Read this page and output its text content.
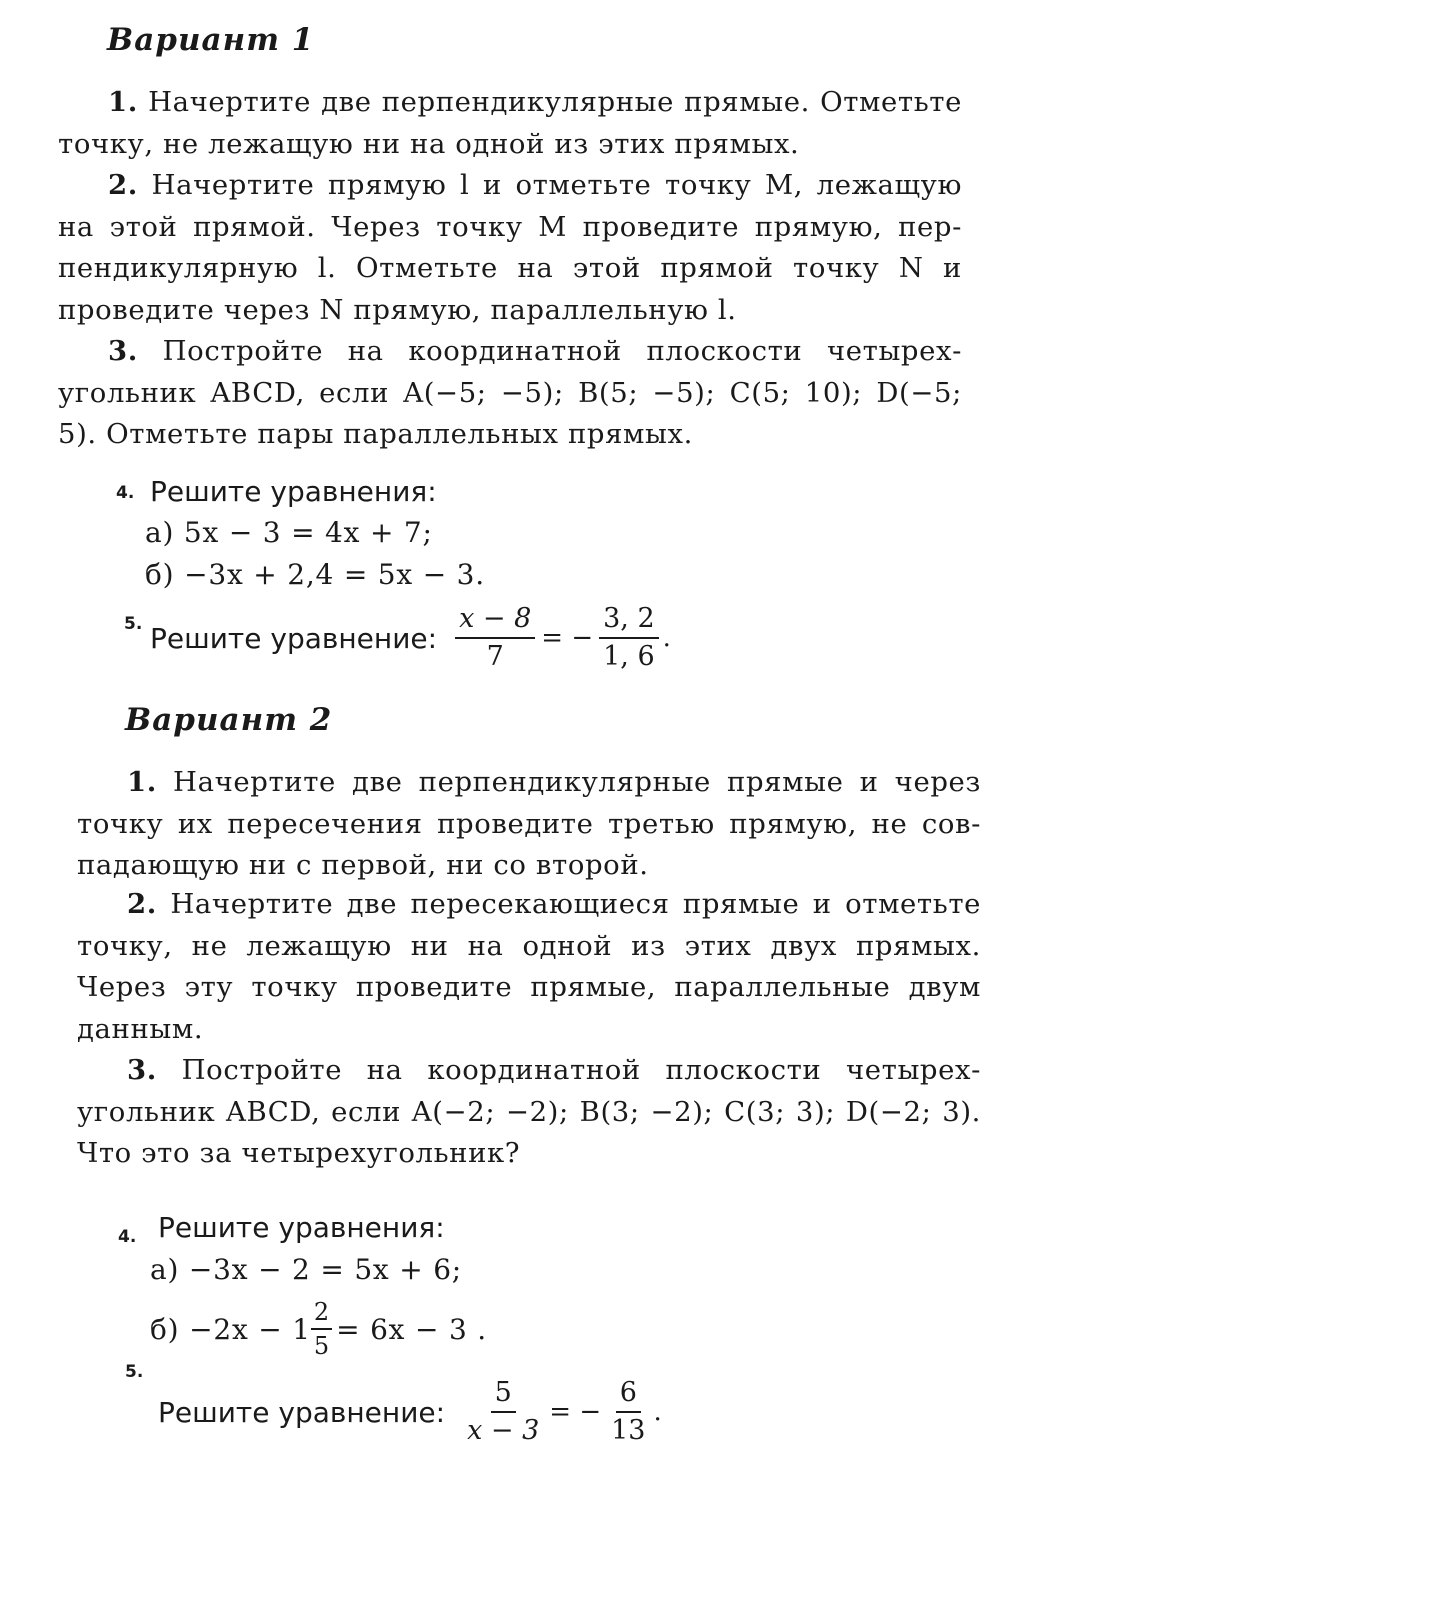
Вариант 1
1. Начертите две перпендикулярные прямые. Отметьте точку, не лежащую ни на одной из этих прямых.
2. Начертите прямую l и отметьте точку M, лежащую на этой прямой. Через точку M проведите прямую, пер-пендикулярную l. Отметьте на этой прямой точку N и проведите через N прямую, параллельную l.
3. Постройте на координатной плоскости четырех-угольник ABCD, если A(−5; −5); B(5; −5); C(5; 10); D(−5; 5). Отметьте пары параллельных прямых.
4. Решите уравнения:
а) 5x − 3 = 4x + 7;
б) −3x + 2,4 = 5x − 3.
5. Решите уравнение: $\frac{x - 8}{7}$ = − $\frac{3, 2}{1, 6}$ .
Вариант 2
1. Начертите две перпендикулярные прямые и через точку их пересечения проведите третью прямую, не сов-падающую ни с первой, ни со второй.
2. Начертите две пересекающиеся прямые и отметьте точку, не лежащую ни на одной из этих двух прямых. Через эту точку проведите прямые, параллельные двум данным.
3. Постройте на координатной плоскости четырех-угольник ABCD, если A(−2; −2); B(3; −2); C(3; 3); D(−2; 3). Что это за четырехугольник?
4. Решите уравнения:
а) −3x − 2 = 5x + 6;
$б) -2x - 1 \frac{2}{5} = 6x - 3$ .
5.
Решите уравнение: $\frac{5}{x - 3}$ = − $\frac{6}{13}$ .
